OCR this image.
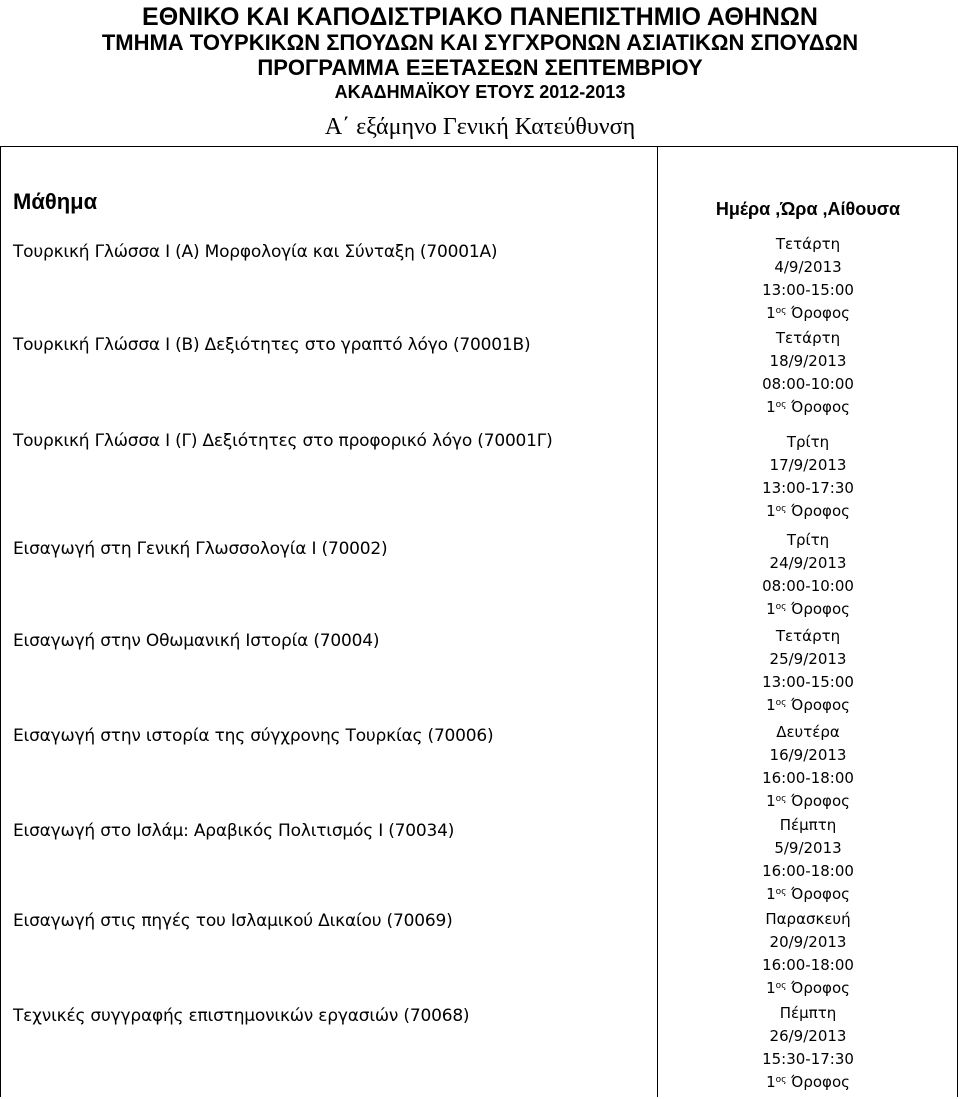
ΕΘΝΙΚΟ ΚΑΙ ΚΑΠΟΔΙΣΤΡΙΑΚΟ ΠΑΝΕΠΙΣΤΗΜΙΟ ΑΘΗΝΩΝ
ΤΜΗΜΑ ΤΟΥΡΚΙΚΩΝ ΣΠΟΥΔΩΝ ΚΑΙ ΣΥΓΧΡΟΝΩΝ ΑΣΙΑΤΙΚΩΝ ΣΠΟΥΔΩΝ
ΠΡΟΓΡΑΜΜΑ ΕΞΕΤΑΣΕΩΝ ΣΕΠΤΕΜΒΡΙΟΥ
ΑΚΑΔΗΜΑΪΚΟΥ ΕΤΟΥΣ 2012-2013
Α΄ εξάμηνο Γενική Κατεύθυνση
Μάθημα	Ημέρα ,Ώρα ,Αίθουσα
Τουρκική Γλώσσα Ι (Α) Μορφολογία και Σύνταξη (70001Α)	Τετάρτη
4/9/2013
13:00-15:00
$1^{o\varsigma}$ Όροφος
Τουρκική Γλώσσα Ι (Β) Δεξιότητες στο γραπτό λόγο (70001Β)	Τετάρτη
18/9/2013
08:00-10:00
$1^{o\varsigma}$ Όροφος
Τουρκική Γλώσσα Ι (Γ) Δεξιότητες στο προφορικό λόγο (70001Γ)	Τρίτη
17/9/2013
13:00-17:30
$1^{o\varsigma}$ Όροφος
Εισαγωγή στη Γενική Γλωσσολογία Ι (70002)	Τρίτη
24/9/2013
08:00-10:00
$1^{o\varsigma}$ Όροφος
Εισαγωγή στην Οθωμανική Ιστορία (70004)	Τετάρτη
25/9/2013
13:00-15:00
$1^{o\varsigma}$ Όροφος
Εισαγωγή στην ιστορία της σύγχρονης Τουρκίας (70006)	Δευτέρα
16/9/2013
16:00-18:00
$1^{o\varsigma}$ Όροφος
Εισαγωγή στο Ισλάμ: Αραβικός Πολιτισμός Ι (70034)	Πέμπτη
5/9/2013
16:00-18:00
$1^{o\varsigma}$ Όροφος
Εισαγωγή στις πηγές του Ισλαμικού Δικαίου (70069)	Παρασκευή
20/9/2013
16:00-18:00
$1^{o\varsigma}$ Όροφος
Τεχνικές συγγραφής επιστημονικών εργασιών (70068)	Πέμπτη
26/9/2013
15:30-17:30
$1^{o\varsigma}$ Όροφος
